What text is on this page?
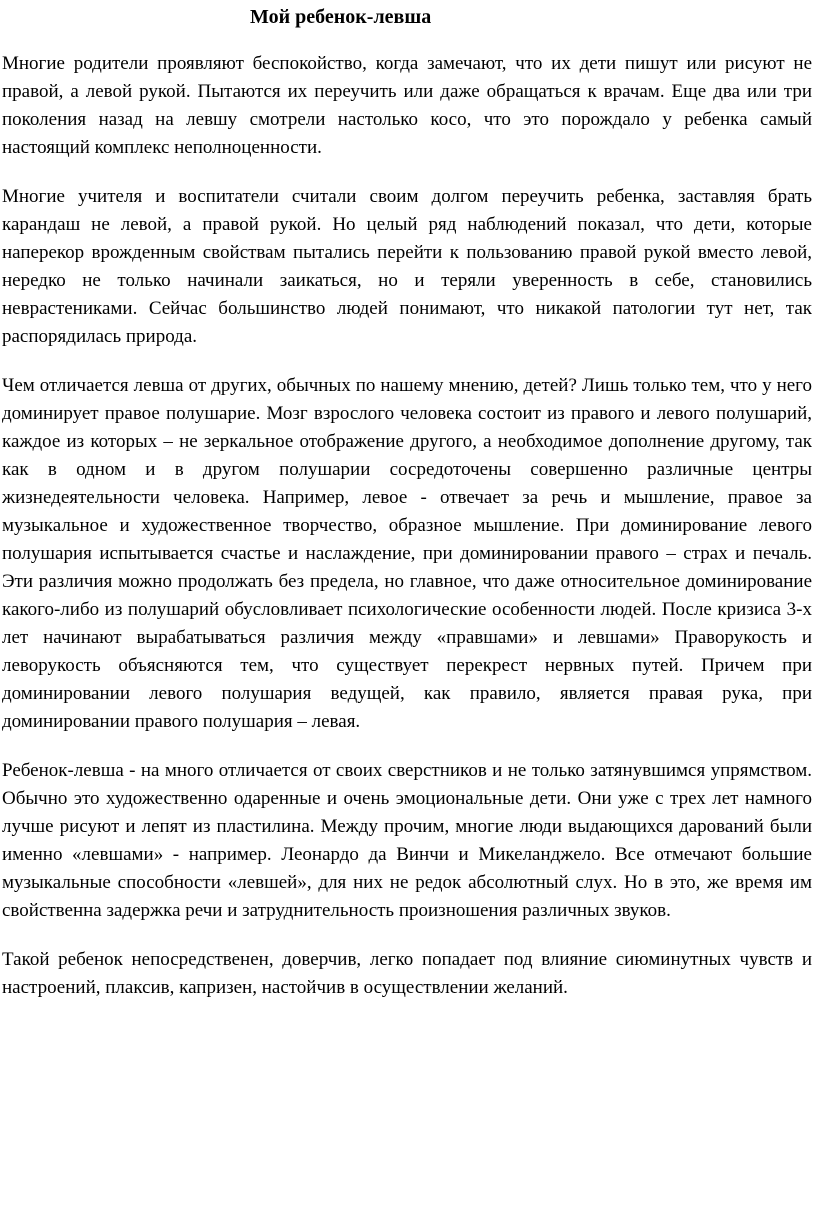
Мой ребенок-левша

Многие родители проявляют беспокойство, когда замечают, что их дети пишут или рисуют не правой, а левой рукой. Пытаются их переучить или даже обращаться к врачам. Еще два или три поколения назад на левшу смотрели настолько косо, что это порождало у ребенка самый настоящий комплекс неполноценности.

Многие учителя и воспитатели считали своим долгом переучить ребенка, заставляя брать карандаш не левой, а правой рукой. Но целый ряд наблюдений показал, что дети, которые наперекор врожденным свойствам пытались перейти к пользованию правой рукой вместо левой, нередко не только начинали заикаться, но и теряли уверенность в себе, становились неврастениками. Сейчас большинство людей понимают, что никакой патологии тут нет, так распорядилась природа.

Чем отличается левша от других, обычных по нашему мнению, детей? Лишь только тем, что у него доминирует правое полушарие. Мозг взрослого человека состоит из правого и левого полушарий, каждое из которых – не зеркальное отображение другого, а необходимое дополнение другому, так как в одном и в другом полушарии сосредоточены совершенно различные центры жизнедеятельности человека. Например, левое - отвечает за речь и мышление, правое за музыкальное и художественное творчество, образное мышление. При доминирование левого полушария испытывается счастье и наслаждение, при доминировании правого – страх и печаль. Эти различия можно продолжать без предела, но главное, что даже относительное доминирование какого-либо из полушарий обусловливает психологические особенности людей. После кризиса 3-х лет начинают вырабатываться различия между «правшами» и левшами» Праворукость и леворукость объясняются тем, что существует перекрест нервных путей. Причем при доминировании левого полушария ведущей, как правило, является правая рука, при доминировании правого полушария – левая.

Ребенок-левша - на много отличается от своих сверстников и не только затянувшимся упрямством. Обычно это художественно одаренные и очень эмоциональные дети. Они уже с трех лет намного лучше рисуют и лепят из пластилина. Между прочим, многие люди выдающихся дарований были именно «левшами» - например. Леонардо да Винчи и Микеланджело. Все отмечают большие музыкальные способности «левшей», для них не редок абсолютный слух. Но в это, же время им свойственна задержка речи и затруднительность произношения различных звуков.

Такой ребенок непосредственен, доверчив, легко попадает под влияние сиюминутных чувств и настроений, плаксив, капризен, настойчив в осуществлении желаний.
